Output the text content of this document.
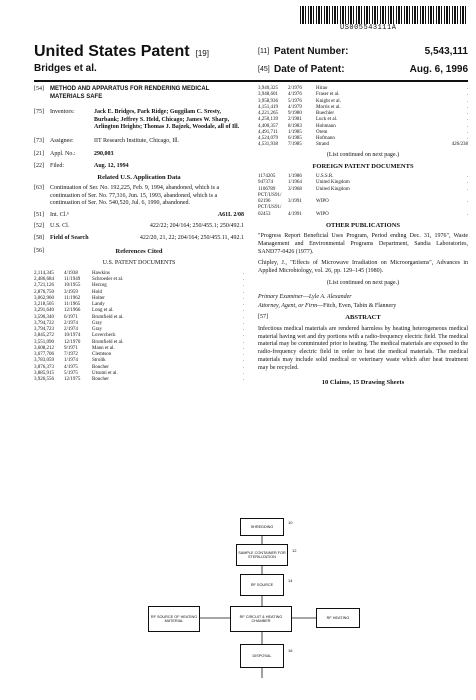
US005543111A
United States Patent [19]
Bridges et al.
[11] Patent Number:	5,543,111
[45] Date of Patent:	Aug. 6, 1996
[54]	METHOD AND APPARATUS FOR RENDERING MEDICAL MATERIALS SAFE
[75]	Inventors:	Jack E. Bridges, Park Ridge; Guggilam C. Sresty, Burbank; Jeffrey S. Held, Chicago; James W. Sharp, Arlington Heights; Thomas J. Bajzek, Woodale, all of Ill.
[73]	Assignee:	IIT Research Institute, Chicago, Ill.
[21]	Appl. No.:	290,003
[22]	Filed:	Aug. 12, 1994
Related U.S. Application Data
[63]	Continuation of Ser. No. 192,225, Feb. 9, 1994, abandoned, which is a continuation of Ser. No. 77,316, Jun. 15, 1993, abandoned, which is a continuation of Ser. No. 540,520, Jul. 6, 1990, abandoned.
[51]	Int. Cl.⁶	A61L 2/08
[52]	U.S. Cl.	422/22; 204/164; 250/455.1; 250/492.1
[58]	Field of Search	422/20, 21, 22; 204/164; 250/455.11, 492.1
[56]	References Cited
U.S. PATENT DOCUMENTS
2,114,345	4/1938	Hawkins	.
2,486,684	11/1949	Schroeder et al.	.
2,721,126	10/1955	Herzog	.
2,876,750	3/1959	Hold	.
3,062,960	11/1962	Holter	.
3,218,505	11/1965	Landy	.
3,291,640	12/1966	Long et al.	.
3,590,340	6/1971	Brumfield et al.	.
3,794,722	2/1974	Gray	.
3,794,723	2/1974	Gray	.
3,845,272	10/1974	Lovercheck	.
3,551,090	12/1970	Brumfield et al.	.
3,608,212	9/1971	Mann et al.	.
3,677,706	7/1972	Clemtson	.
3,783,059	1/1974	Strolik	.
3,876,373	4/1975	Boucher	.
3,885,915	5/1975	Utsumi et al.	.
3,926,556	12/1975	Boucher	.
3,940,325	2/1976	Hirao	.
3,948,601	4/1976	Fraser et al.	.
3,958,936	5/1976	Knight et al.	.
4,151,419	4/1979	Morris et al.	.
4,221,265	9/1980	Buechler	.
4,250,139	2/1981	Luck et al.	.
4,400,357	8/1983	Hohmann	.
4,491,711	1/1985	Orem	.
4,524,079	6/1985	Hofmann	.
4,531,938	7/1985	Strand	426/238
(List continued on next page.)
FOREIGN PATENT DOCUMENTS
1174205	1/1986	U.S.S.R.	.
947374	1/1964	United Kingdom	.
1106789	3/1968	United Kingdom	.
PCT/US91/
02196	3/1991	WIPO	.
PCT/US91/
02453	4/1991	WIPO	.
OTHER PUBLICATIONS
"Progress Report Beneficial Uses Program, Period ending Dec. 31, 1976", Waste Management and Environmental Programs Department, Sandia Laboratories, SAND77-0426 (1977).
Chipley, J., "Effects of Microwave Irradiation on Microorganisms", Advances in Applied Microbiology, vol. 26, pp. 129–145 (1980).
(List continued on next page.)
Primary Examiner—Lyle A. Alexander
Attorney, Agent, or Firm—Fitch, Even, Tabin & Flannery
[57]	ABSTRACT
Infectious medical materials are rendered harmless by heating heterogeneous medical material having wet and dry portions with a radio-frequency electric field. The medical material may be comminuted prior to heating. The medical materials are exposed to the radio-frequency electric field in order to heat the medical materials. The medical materials may include solid medical or veterinary waste which after heat treatment may be recycled.
10 Claims, 15 Drawing Sheets
SHREDDING
SAMPLE CONTAINER FOR STERILIZATION
RF SOURCE
RF CIRCUIT & HEATING CHAMBER
RF SOURCE OF HEATING MATERIAL
RF HEATING
DISPOSAL
10
12
14
16
